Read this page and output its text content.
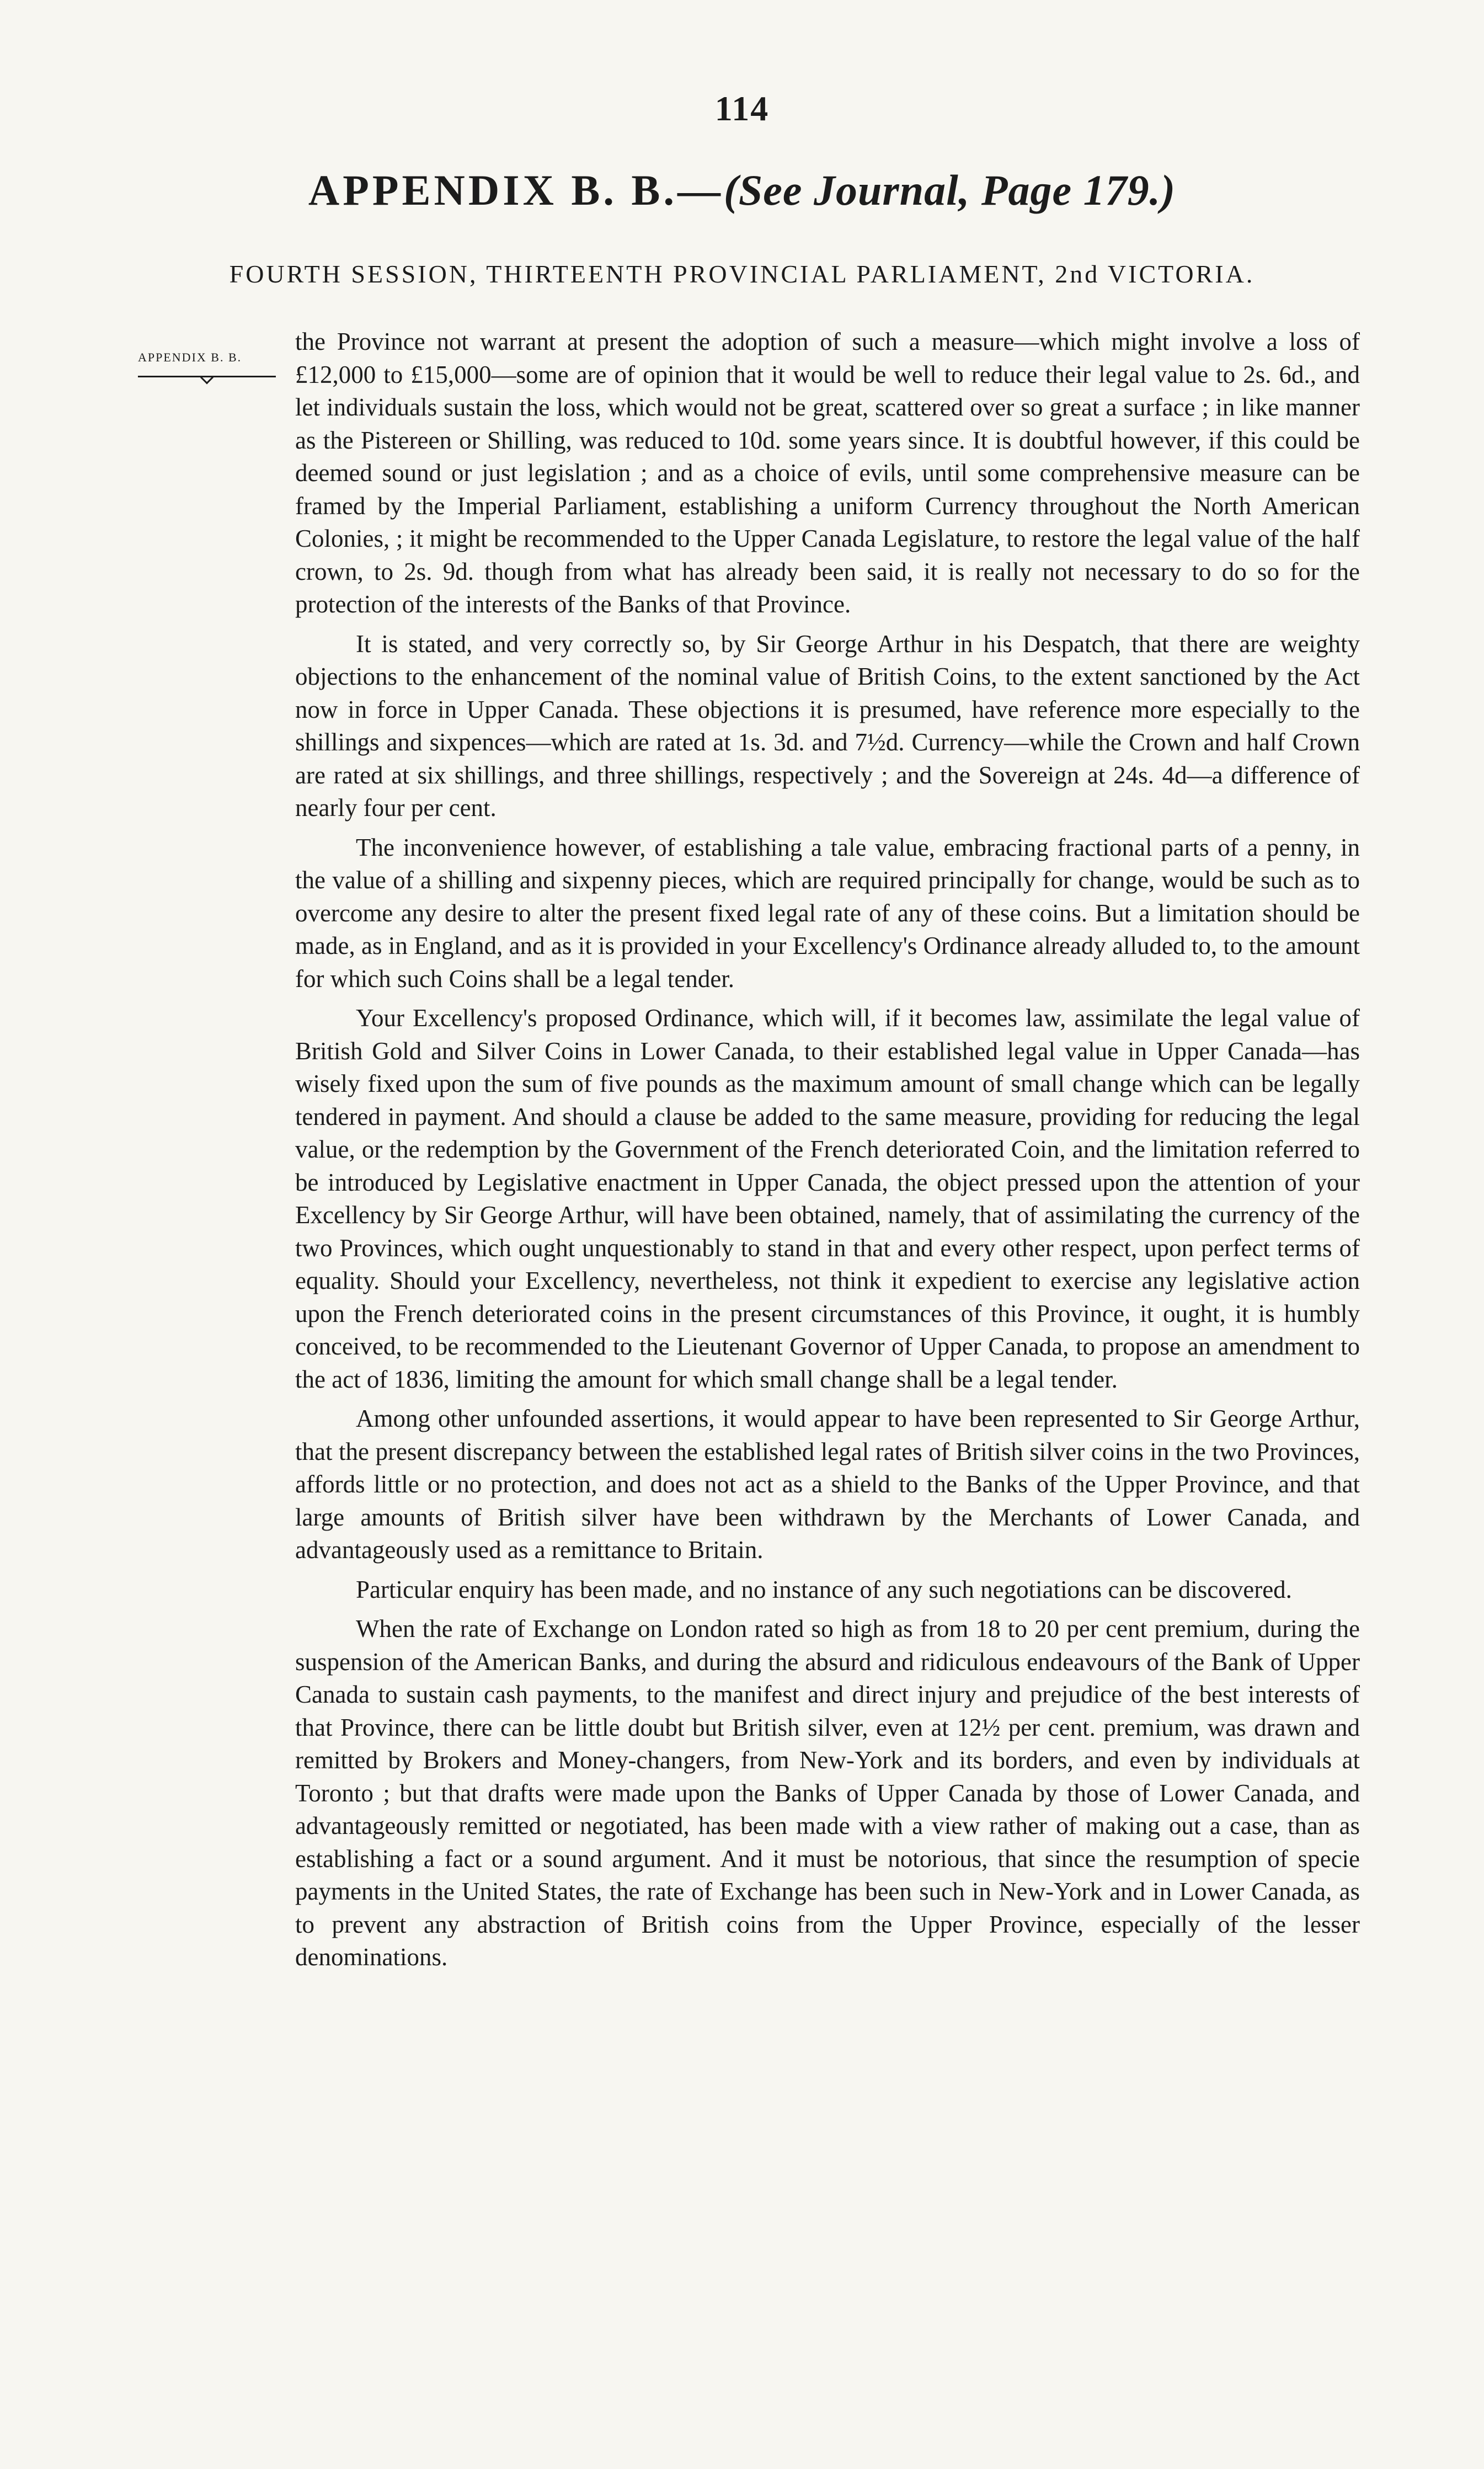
114
APPENDIX B. B.—(See Journal, Page 179.)
FOURTH SESSION, THIRTEENTH PROVINCIAL PARLIAMENT, 2nd VICTORIA.
APPENDIX B. B.

the Province not warrant at present the adoption of such a measure—which might involve a loss of £12,000 to £15,000—some are of opinion that it would be well to reduce their legal value to 2s. 6d., and let individuals sustain the loss, which would not be great, scattered over so great a surface ; in like manner as the Pistereen or Shilling, was reduced to 10d. some years since. It is doubtful however, if this could be deemed sound or just legislation ; and as a choice of evils, until some comprehensive measure can be framed by the Imperial Parliament, establishing a uniform Currency throughout the North American Colonies, ; it might be recommended to the Upper Canada Legislature, to restore the legal value of the half crown, to 2s. 9d. though from what has already been said, it is really not necessary to do so for the protection of the interests of the Banks of that Province.

It is stated, and very correctly so, by Sir George Arthur in his Despatch, that there are weighty objections to the enhancement of the nominal value of British Coins, to the extent sanctioned by the Act now in force in Upper Canada. These objections it is presumed, have reference more especially to the shillings and sixpences—which are rated at 1s. 3d. and 7½d. Currency—while the Crown and half Crown are rated at six shillings, and three shillings, respectively ; and the Sovereign at 24s. 4d—a difference of nearly four per cent.

The inconvenience however, of establishing a tale value, embracing fractional parts of a penny, in the value of a shilling and sixpenny pieces, which are required principally for change, would be such as to overcome any desire to alter the present fixed legal rate of any of these coins. But a limitation should be made, as in England, and as it is provided in your Excellency's Ordinance already alluded to, to the amount for which such Coins shall be a legal tender.

Your Excellency's proposed Ordinance, which will, if it becomes law, assimilate the legal value of British Gold and Silver Coins in Lower Canada, to their established legal value in Upper Canada—has wisely fixed upon the sum of five pounds as the maximum amount of small change which can be legally tendered in payment. And should a clause be added to the same measure, providing for reducing the legal value, or the redemption by the Government of the French deteriorated Coin, and the limitation referred to be introduced by Legislative enactment in Upper Canada, the object pressed upon the attention of your Excellency by Sir George Arthur, will have been obtained, namely, that of assimilating the currency of the two Provinces, which ought unquestionably to stand in that and every other respect, upon perfect terms of equality. Should your Excellency, nevertheless, not think it expedient to exercise any legislative action upon the French deteriorated coins in the present circumstances of this Province, it ought, it is humbly conceived, to be recommended to the Lieutenant Governor of Upper Canada, to propose an amendment to the act of 1836, limiting the amount for which small change shall be a legal tender.

Among other unfounded assertions, it would appear to have been represented to Sir George Arthur, that the present discrepancy between the established legal rates of British silver coins in the two Provinces, affords little or no protection, and does not act as a shield to the Banks of the Upper Province, and that large amounts of British silver have been withdrawn by the Merchants of Lower Canada, and advantageously used as a remittance to Britain.

Particular enquiry has been made, and no instance of any such negotiations can be discovered.

When the rate of Exchange on London rated so high as from 18 to 20 per cent premium, during the suspension of the American Banks, and during the absurd and ridiculous endeavours of the Bank of Upper Canada to sustain cash payments, to the manifest and direct injury and prejudice of the best interests of that Province, there can be little doubt but British silver, even at 12½ per cent. premium, was drawn and remitted by Brokers and Money-changers, from New-York and its borders, and even by individuals at Toronto ; but that drafts were made upon the Banks of Upper Canada by those of Lower Canada, and advantageously remitted or negotiated, has been made with a view rather of making out a case, than as establishing a fact or a sound argument. And it must be notorious, that since the resumption of specie payments in the United States, the rate of Exchange has been such in New-York and in Lower Canada, as to prevent any abstraction of British coins from the Upper Province, especially of the lesser denominations.
